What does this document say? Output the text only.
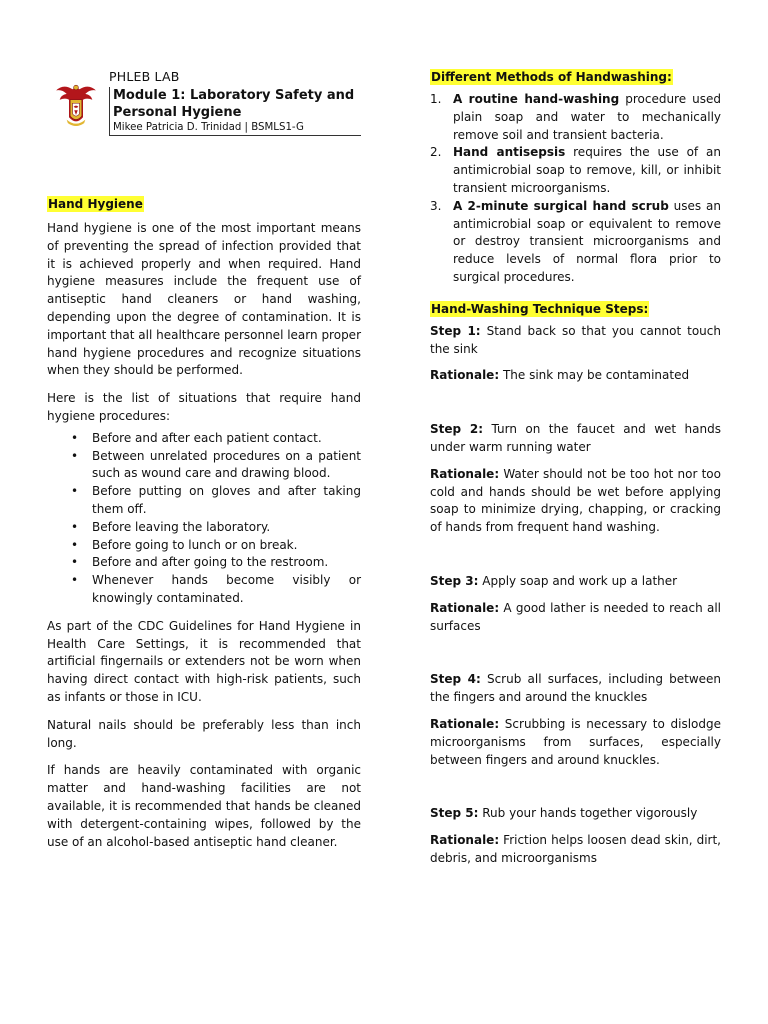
PHLEB LAB
Module 1: Laboratory Safety and Personal Hygiene
Mikee Patricia D. Trinidad | BSMLS1-G
Hand Hygiene

Hand hygiene is one of the most important means of preventing the spread of infection provided that it is achieved properly and when required. Hand hygiene measures include the frequent use of antiseptic hand cleaners or hand washing, depending upon the degree of contamination. It is important that all healthcare personnel learn proper hand hygiene procedures and recognize situations when they should be performed.

Here is the list of situations that require hand hygiene procedures:

• Before and after each patient contact.
• Between unrelated procedures on a patient such as wound care and drawing blood.
• Before putting on gloves and after taking them off.
• Before leaving the laboratory.
• Before going to lunch or on break.
• Before and after going to the restroom.
• Whenever hands become visibly or knowingly contaminated.

As part of the CDC Guidelines for Hand Hygiene in Health Care Settings, it is recommended that artificial fingernails or extenders not be worn when having direct contact with high-risk patients, such as infants or those in ICU.

Natural nails should be preferably less than inch long.

If hands are heavily contaminated with organic matter and hand-washing facilities are not available, it is recommended that hands be cleaned with detergent-containing wipes, followed by the use of an alcohol-based antiseptic hand cleaner.

Different Methods of Handwashing:
1. A routine hand-washing procedure used plain soap and water to mechanically remove soil and transient bacteria.
2. Hand antisepsis requires the use of an antimicrobial soap to remove, kill, or inhibit transient microorganisms.
3. A 2-minute surgical hand scrub uses an antimicrobial soap or equivalent to remove or destroy transient microorganisms and reduce levels of normal flora prior to surgical procedures.
Hand-Washing Technique Steps:

Step 1: Stand back so that you cannot touch the sink

Rationale: The sink may be contaminated

Step 2: Turn on the faucet and wet hands under warm running water

Rationale: Water should not be too hot nor too cold and hands should be wet before applying soap to minimize drying, chapping, or cracking of hands from frequent hand washing.

Step 3: Apply soap and work up a lather

Rationale: A good lather is needed to reach all surfaces

Step 4: Scrub all surfaces, including between the fingers and around the knuckles

Rationale: Scrubbing is necessary to dislodge microorganisms from surfaces, especially between fingers and around knuckles.

Step 5: Rub your hands together vigorously

Rationale: Friction helps loosen dead skin, dirt, debris, and microorganisms
